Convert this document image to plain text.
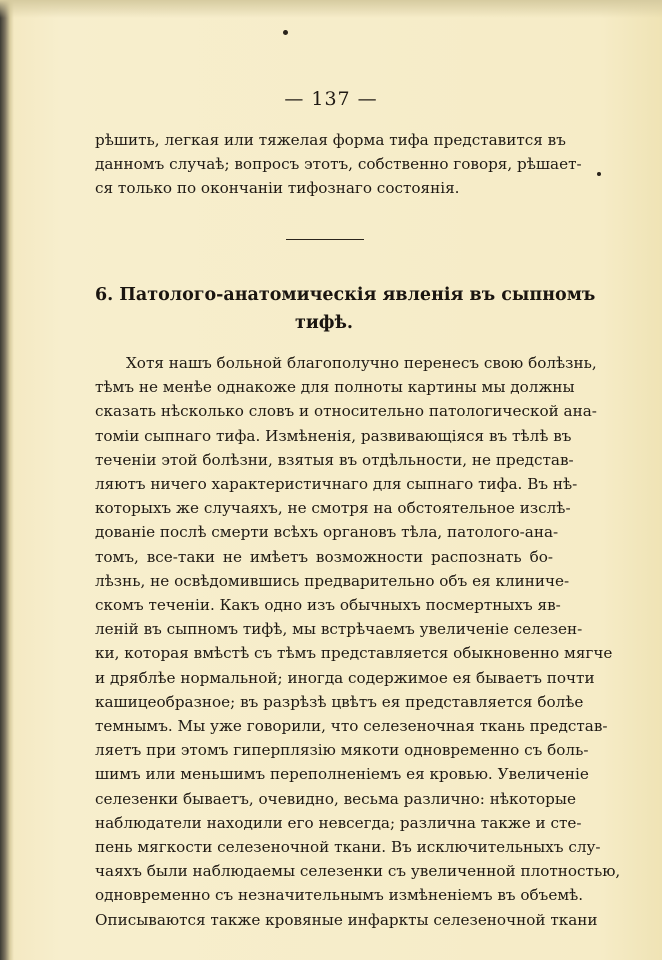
— 137 —
рѣшить, легкая или тяжелая форма тифа представится въ
данномъ случаѣ; вопросъ этотъ, собственно говоря, рѣшает-
ся только по окончаніи тифознаго состоянія.
6. Патолого-анатомическія явленія въ сыпномъ
тифѣ.
Хотя нашъ больной благополучно перенесъ свою болѣзнь,
тѣмъ не менѣе однакоже для полноты картины мы должны
сказать нѣсколько словъ и относительно патологической ана-
томіи сыпнаго тифа. Измѣненія, развивающіяся въ тѣлѣ въ
теченіи этой болѣзни, взятыя въ отдѣльности, не представ-
ляютъ ничего характеристичнаго для сыпнаго тифа. Въ нѣ-
которыхъ же случаяхъ, не смотря на обстоятельное изслѣ-
дованіе послѣ смерти всѣхъ органовъ тѣла, патолого-ана-
томъ, все-таки не имѣетъ возможности распознать бо-
лѣзнь, не освѣдомившись предварительно объ ея клиниче-
скомъ теченіи. Какъ одно изъ обычныхъ посмертныхъ яв-
леній въ сыпномъ тифѣ, мы встрѣчаемъ увеличеніе селезен-
ки, которая вмѣстѣ съ тѣмъ представляется обыкновенно мягче
и дряблѣе нормальной; иногда содержимое ея бываетъ почти
кашицеобразное; въ разрѣзѣ цвѣтъ ея представляется болѣе
темнымъ. Мы уже говорили, что селезеночная ткань представ-
ляетъ при этомъ гиперплязію мякоти одновременно съ боль-
шимъ или меньшимъ переполненіемъ ея кровью. Увеличеніе
селезенки бываетъ, очевидно, весьма различно: нѣкоторые
наблюдатели находили его невсегда; различна также и сте-
пень мягкости селезеночной ткани. Въ исключительныхъ слу-
чаяхъ были наблюдаемы селезенки съ увеличенной плотностью,
одновременно съ незначительнымъ измѣненіемъ въ объемѣ.
Описываются также кровяные инфаркты селезеночной ткани
